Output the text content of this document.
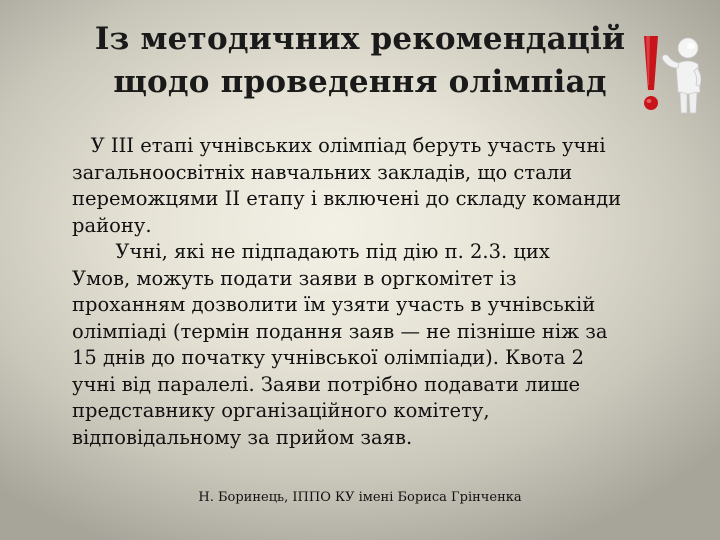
Із методичних рекомендацій
щодо проведення олімпіад
У ІІІ етапі учнівських олімпіад беруть участь учні
загальноосвітніх навчальних закладів, що стали
переможцями ІІ етапу і включені до складу команди
району.
Учні, які не підпадають під дію п. 2.3. цих
Умов, можуть подати заяви в оргкомітет із
проханням дозволити їм узяти участь в учнівській
олімпіаді (термін подання заяв — не пізніше ніж за
15 днів до початку учнівської олімпіади). Квота 2
учні від паралелі. Заяви потрібно подавати лише
представнику організаційного комітету,
відповідальному за прийом заяв.
Н. Боринець, ІППО КУ імені Бориса Грінченка
